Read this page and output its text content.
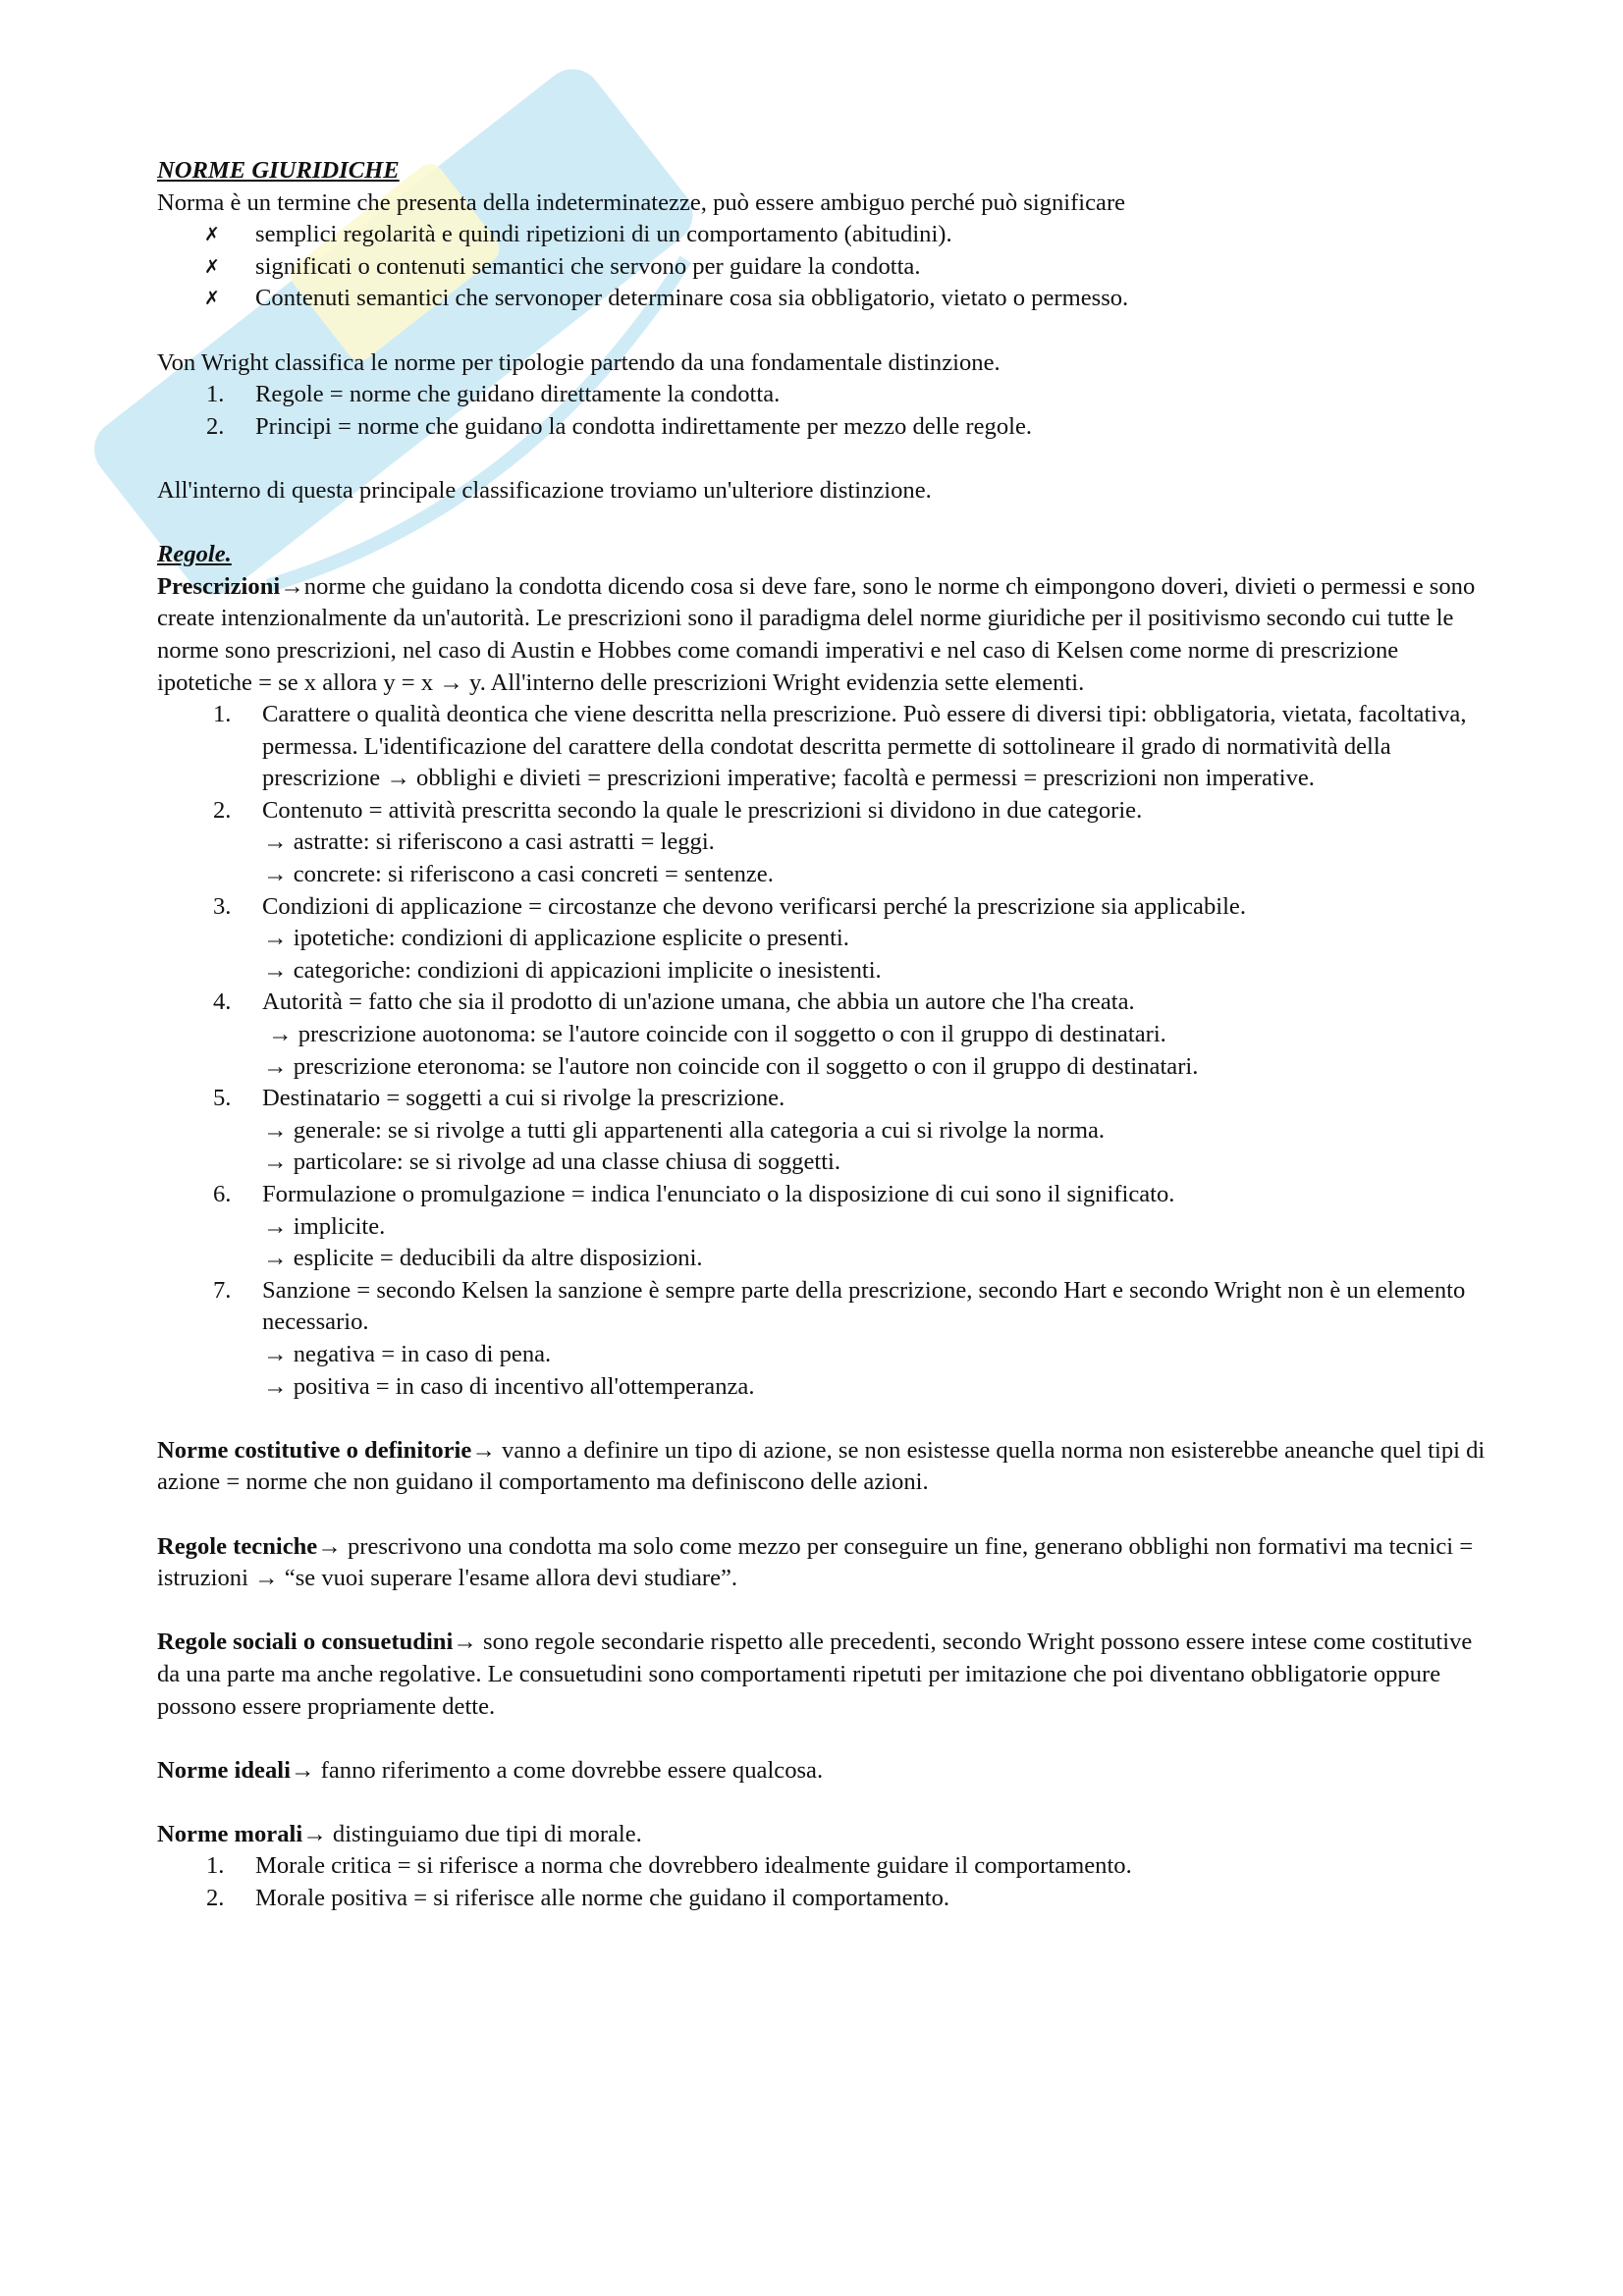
NORME GIURIDICHE

Norma è un termine che presenta della indeterminatezze, può essere ambiguo perché può significare

✗ semplici regolarità e quindi ripetizioni di un comportamento (abitudini).
✗ significati o contenuti semantici che servono per guidare la condotta.
✗ Contenuti semantici che servonoper determinare cosa sia obbligatorio, vietato o permesso.

Von Wright classifica le norme per tipologie partendo da una fondamentale distinzione.

1. Regole = norme che guidano direttamente la condotta.
2. Principi = norme che guidano la condotta indirettamente per mezzo delle regole.

All'interno di questa principale classificazione troviamo un'ulteriore distinzione.

Regole.

Prescrizioni→norme che guidano la condotta dicendo cosa si deve fare, sono le norme ch eimpongono doveri, divieti o permessi e sono create intenzionalmente da un'autorità. Le prescrizioni sono il paradigma delel norme giuridiche per il positivismo secondo cui tutte le norme sono prescrizioni, nel caso di Austin e Hobbes come comandi imperativi e nel caso di Kelsen come norme di prescrizione ipotetiche = se x allora y = x → y. All'interno delle prescrizioni Wright evidenzia sette elementi.

1. Carattere o qualità deontica che viene descritta nella prescrizione. Può essere di diversi tipi: obbligatoria, vietata, facoltativa, permessa. L'identificazione del carattere della condotat descritta permette di sottolineare il grado di normatività della prescrizione → obblighi e divieti = prescrizioni imperative; facoltà e permessi = prescrizioni non imperative.
2. Contenuto = attività prescritta secondo la quale le prescrizioni si dividono in due categorie.
→ astratte: si riferiscono a casi astratti = leggi.
→ concrete: si riferiscono a casi concreti = sentenze.
3. Condizioni di applicazione = circostanze che devono verificarsi perché la prescrizione sia applicabile.
→ ipotetiche: condizioni di applicazione esplicite o presenti.
→ categoriche: condizioni di appicazioni implicite o inesistenti.
4. Autorità = fatto che sia il prodotto di un'azione umana, che abbia un autore che l'ha creata.
→ prescrizione auotonoma: se l'autore coincide con il soggetto o con il gruppo di destinatari.
→ prescrizione eteronoma: se l'autore non coincide con il soggetto o con il gruppo di destinatari.
5. Destinatario = soggetti a cui si rivolge la prescrizione.
→ generale: se si rivolge a tutti gli appartenenti alla categoria a cui si rivolge la norma.
→ particolare: se si rivolge ad una classe chiusa di soggetti.
6. Formulazione o promulgazione = indica l'enunciato o la disposizione di cui sono il significato.
→ implicite.
→ esplicite = deducibili da altre disposizioni.
7. Sanzione = secondo Kelsen la sanzione è sempre parte della prescrizione, secondo Hart e secondo Wright non è un elemento necessario.
→ negativa = in caso di pena.
→ positiva = in caso di incentivo all'ottemperanza.

Norme costitutive o definitorie→ vanno a definire un tipo di azione, se non esistesse quella norma non esisterebbe aneanche quel tipi di azione = norme che non guidano il comportamento ma definiscono delle azioni.

Regole tecniche→ prescrivono una condotta ma solo come mezzo per conseguire un fine, generano obblighi non formativi ma tecnici = istruzioni → “se vuoi superare l'esame allora devi studiare”.

Regole sociali o consuetudini→ sono regole secondarie rispetto alle precedenti, secondo Wright possono essere intese come costitutive da una parte ma anche regolative. Le consuetudini sono comportamenti ripetuti per imitazione che poi diventano obbligatorie oppure possono essere propriamente dette.

Norme ideali→ fanno riferimento a come dovrebbe essere qualcosa.

Norme morali→ distinguiamo due tipi di morale.

1. Morale critica = si riferisce a norma che dovrebbero idealmente guidare il comportamento.
2. Morale positiva = si riferisce alle norme che guidano il comportamento.
